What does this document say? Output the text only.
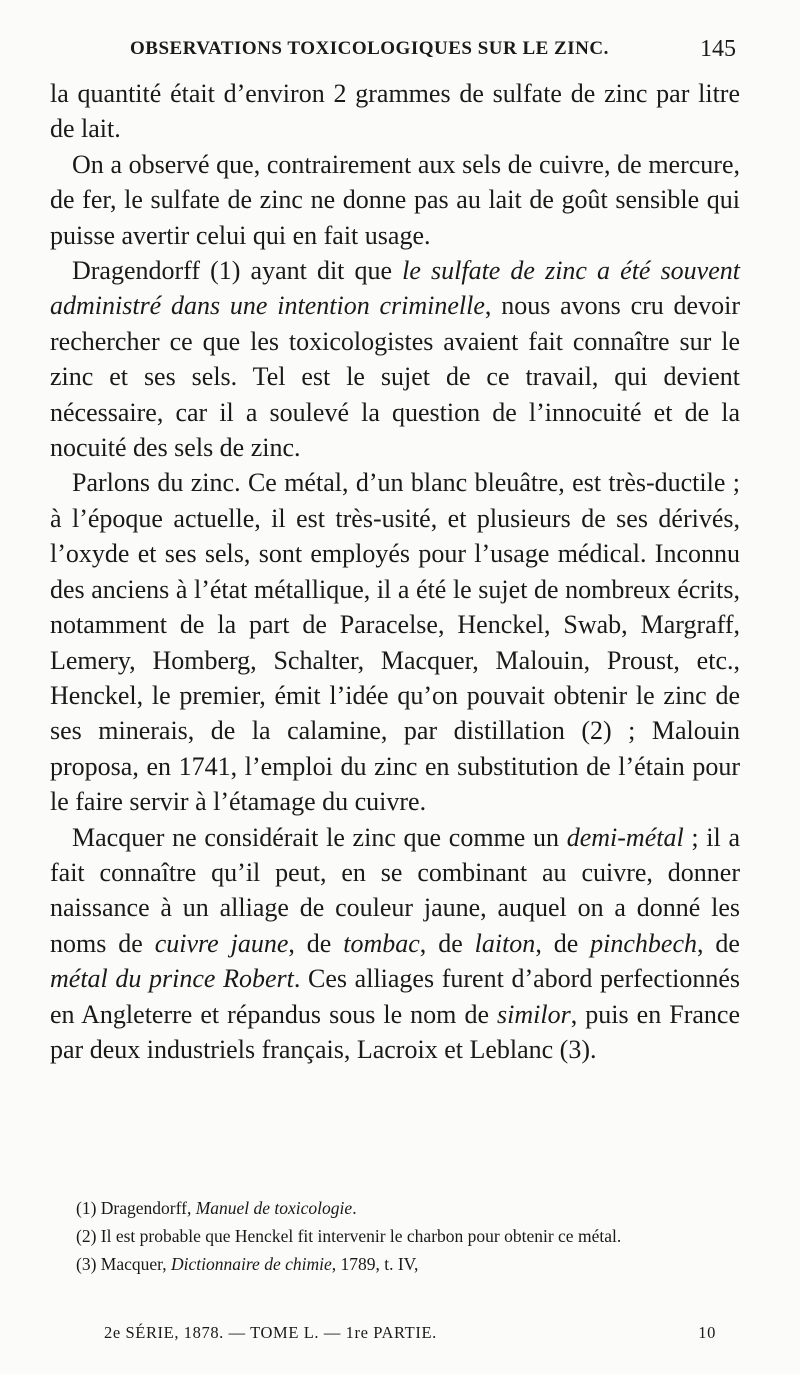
OBSERVATIONS TOXICOLOGIQUES SUR LE ZINC.	145

la quantité était d’environ 2 grammes de sulfate de zinc par litre de lait.

On a observé que, contrairement aux sels de cuivre, de mercure, de fer, le sulfate de zinc ne donne pas au lait de goût sensible qui puisse avertir celui qui en fait usage.

Dragendorff (1) ayant dit que le sulfate de zinc a été souvent administré dans une intention criminelle, nous avons cru devoir rechercher ce que les toxicologistes avaient fait connaître sur le zinc et ses sels. Tel est le sujet de ce travail, qui devient nécessaire, car il a soulevé la question de l’innocuité et de la nocuité des sels de zinc.

Parlons du zinc. Ce métal, d’un blanc bleuâtre, est très-ductile ; à l’époque actuelle, il est très-usité, et plusieurs de ses dérivés, l’oxyde et ses sels, sont employés pour l’usage médical. Inconnu des anciens à l’état métallique, il a été le sujet de nombreux écrits, notamment de la part de Paracelse, Henckel, Swab, Margraff, Lemery, Homberg, Schalter, Macquer, Malouin, Proust, etc., Henckel, le premier, émit l’idée qu’on pouvait obtenir le zinc de ses minerais, de la calamine, par distillation (2) ; Malouin proposa, en 1741, l’emploi du zinc en substitution de l’étain pour le faire servir à l’étamage du cuivre.

Macquer ne considérait le zinc que comme un demi-métal ; il a fait connaître qu’il peut, en se combinant au cuivre, donner naissance à un alliage de couleur jaune, auquel on a donné les noms de cuivre jaune, de tombac, de laiton, de pinchbech, de métal du prince Robert. Ces alliages furent d’abord perfectionnés en Angleterre et répandus sous le nom de similor, puis en France par deux industriels français, Lacroix et Leblanc (3).

(1) Dragendorff, Manuel de toxicologie.

(2) Il est probable que Henckel fit intervenir le charbon pour obtenir ce métal.

(3) Macquer, Dictionnaire de chimie, 1789, t. IV,

2e SÉRIE, 1878. — TOME L. — 1re PARTIE.	10
